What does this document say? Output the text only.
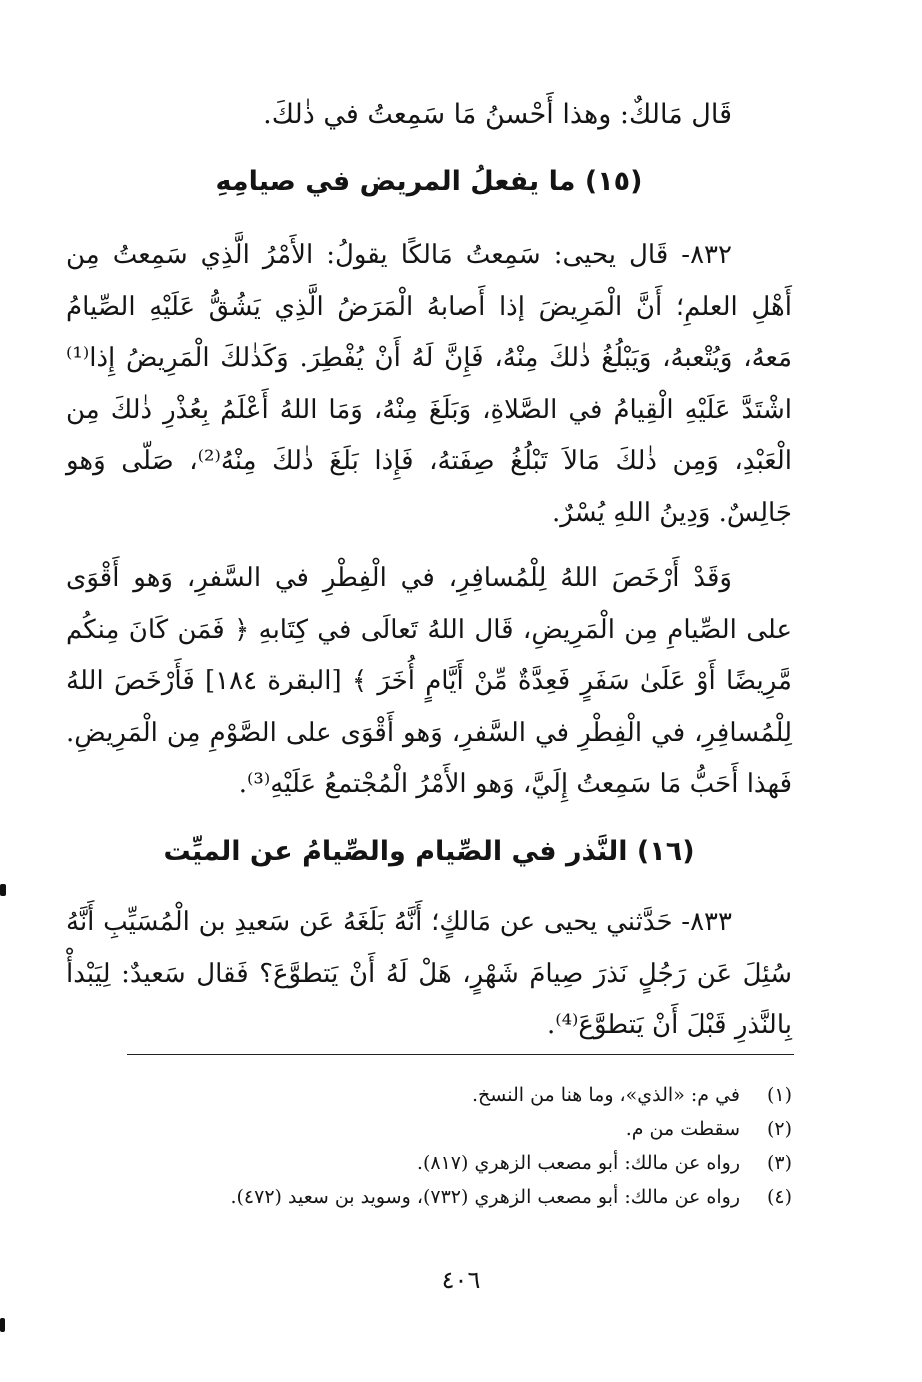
قَال مَالكٌ: وهذا أَحْسنُ مَا سَمِعتُ في ذٰلكَ.
(١٥) ما يفعلُ المريض في صيامِهِ
٨٣٢- قَال يحيى: سَمِعتُ مَالكًا يقولُ: الأَمْرُ الَّذِي سَمِعتُ مِن أَهْلِ العلمِ؛ أَنَّ الْمَرِيضَ إذا أَصابهُ الْمَرَضُ الَّذِي يَشُقُّ عَلَيْهِ الصِّيامُ مَعهُ، وَيُتْعبهُ، وَيَبْلُغُ ذٰلكَ مِنْهُ، فَإِنَّ لَهُ أَنْ يُفْطِرَ. وَكَذٰلكَ الْمَرِيضُ إِذا⁽¹⁾ اشْتَدَّ عَلَيْهِ الْقِيامُ في الصَّلاةِ، وَبَلَغَ مِنْهُ، وَمَا اللهُ أَعْلَمُ بِعُذْرِ ذٰلكَ مِن الْعَبْدِ، وَمِن ذٰلكَ مَالاَ تَبْلُغُ صِفَتهُ، فَإِذا بَلَغَ ذٰلكَ مِنْهُ⁽²⁾، صَلّى وَهو جَالِسٌ. وَدِينُ اللهِ يُسْرٌ.
وَقَدْ أَرْخَصَ اللهُ لِلْمُسافِرِ، في الْفِطْرِ في السَّفرِ، وَهو أَقْوَى على الصِّيامِ مِن الْمَرِيضِ، قَال اللهُ تَعالَى في كِتَابهِ ﴿ فَمَن كَانَ مِنكُم مَّرِيضًا أَوْ عَلَىٰ سَفَرٍ فَعِدَّةٌ مِّنْ أَيَّامٍ أُخَرَ ﴾ [البقرة ١٨٤] فَأَرْخَصَ اللهُ لِلْمُسافِرِ، في الْفِطْرِ في السَّفرِ، وَهو أَقْوَى على الصَّوْمِ مِن الْمَرِيضِ. فَهذا أَحَبُّ مَا سَمِعتُ إِلَيَّ، وَهو الأَمْرُ الْمُجْتمعُ عَلَيْهِ⁽³⁾.
(١٦) النَّذر في الصِّيام والصِّيامُ عن الميِّت
٨٣٣- حَدَّثني يحيى عن مَالكٍ؛ أَنَّهُ بَلَغَهُ عَن سَعيدِ بن الْمُسَيِّبِ أَنَّهُ سُئِلَ عَن رَجُلٍ نَذرَ صِيامَ شَهْرٍ، هَلْ لَهُ أَنْ يَتطوَّعَ؟ فَقال سَعيدٌ: لِيَبْدأْ بِالنَّذرِ قَبْلَ أَنْ يَتطوَّعَ⁽⁴⁾.
(١)في م: «الذي»، وما هنا من النسخ.
(٢)سقطت من م.
(٣)رواه عن مالك: أبو مصعب الزهري (٨١٧).
(٤)رواه عن مالك: أبو مصعب الزهري (٧٣٢)، وسويد بن سعيد (٤٧٢).
٤٠٦
